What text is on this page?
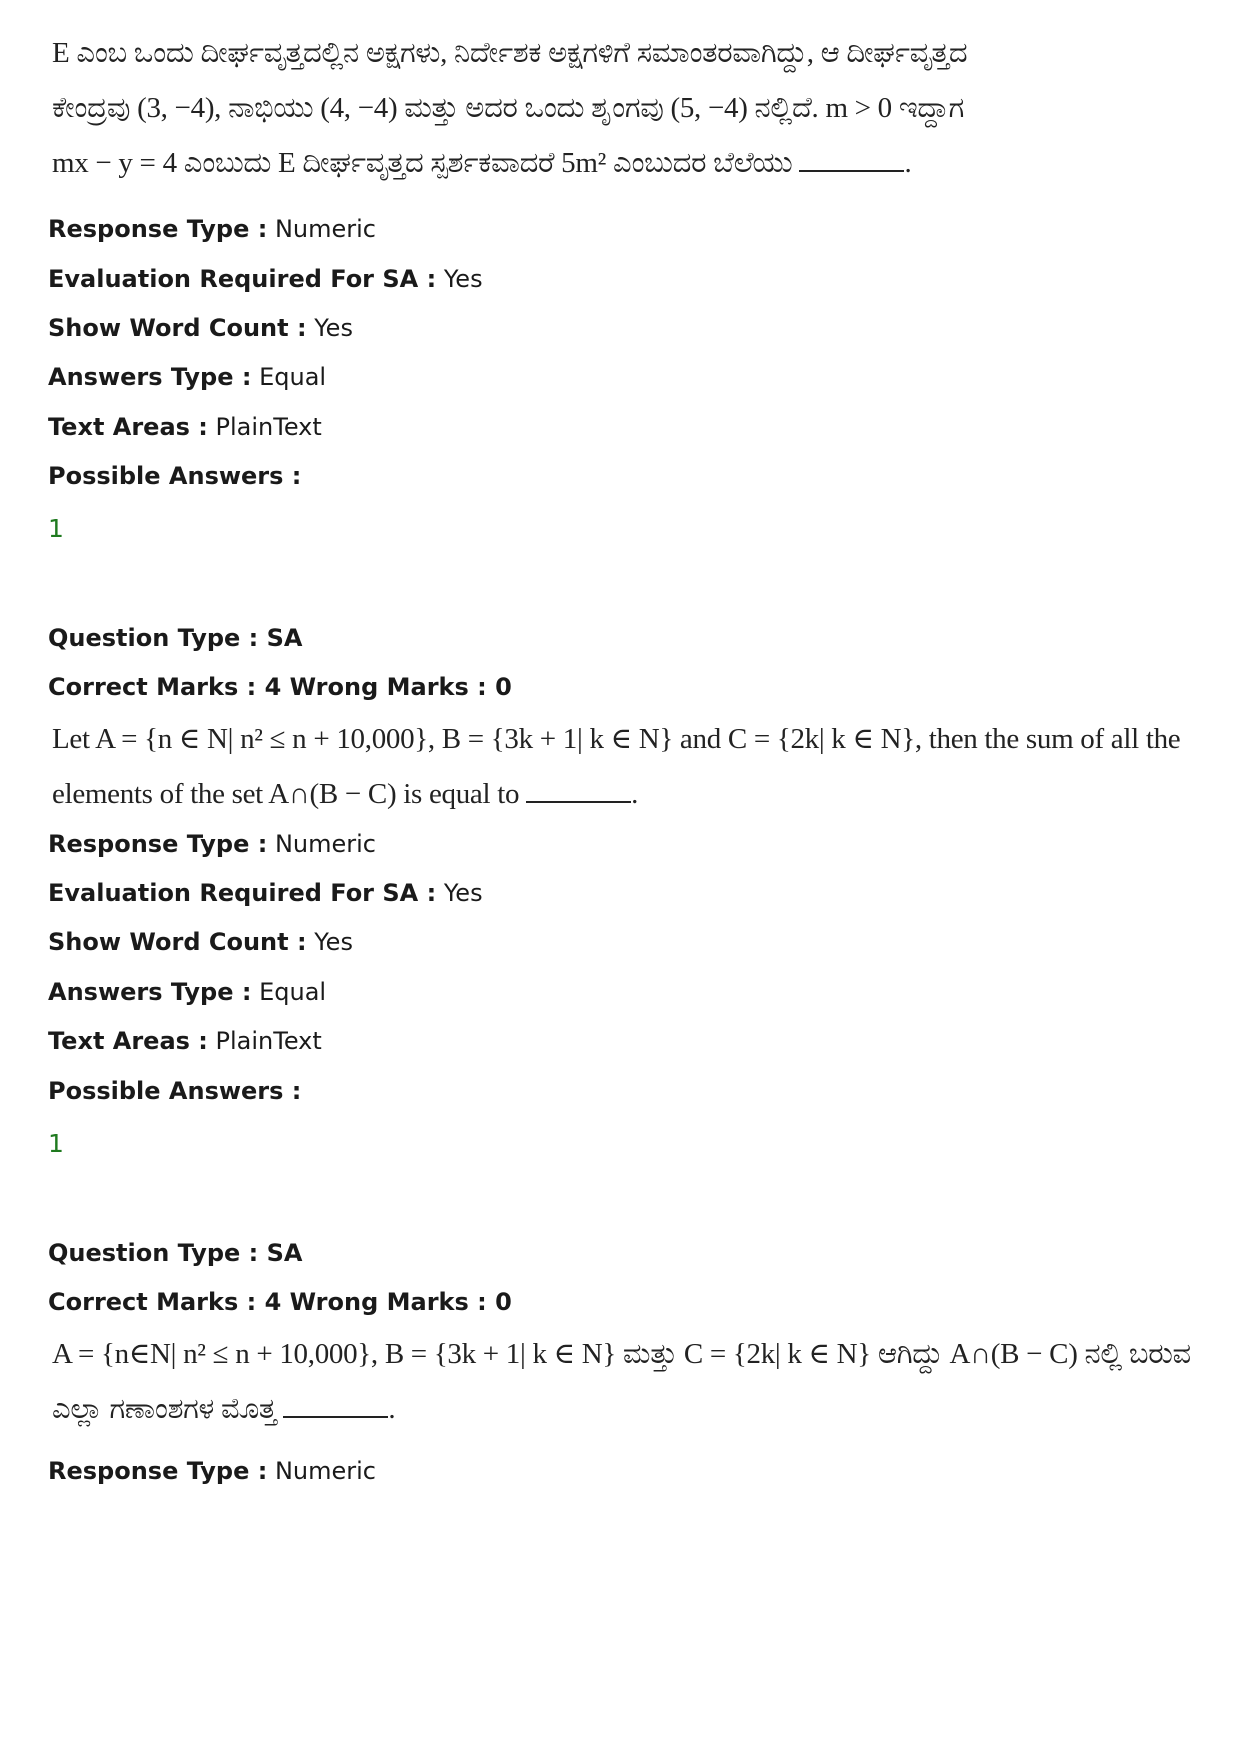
E ಎಂಬ ಒಂದು ದೀರ್ಘವೃತ್ತದಲ್ಲಿನ ಅಕ್ಷಗಳು, ನಿರ್ದೇಶಕ ಅಕ್ಷಗಳಿಗೆ ಸಮಾಂತರವಾಗಿದ್ದು, ಆ ದೀರ್ಘವೃತ್ತದ
ಕೇಂದ್ರವು (3, −4), ನಾಭಿಯು (4, −4) ಮತ್ತು ಅದರ ಒಂದು ಶೃಂಗವು (5, −4) ನಲ್ಲಿದೆ. m > 0 ಇದ್ದಾಗ
mx − y = 4 ಎಂಬುದು E ದೀರ್ಘವೃತ್ತದ ಸ್ಪರ್ಶಕವಾದರೆ 5m² ಎಂಬುದರ ಬೆಲೆಯು	.
Response Type : Numeric
Evaluation Required For SA : Yes
Show Word Count : Yes
Answers Type : Equal
Text Areas : PlainText
Possible Answers :
1
Question Type : SA
Correct Marks : 4 Wrong Marks : 0
Let A = {n ∈ N| n² ≤ n + 10,000}, B = {3k + 1| k ∈ N} and C = {2k| k ∈ N}, then the sum of all the
elements of the set A∩(B − C) is equal to	.
Response Type : Numeric
Evaluation Required For SA : Yes
Show Word Count : Yes
Answers Type : Equal
Text Areas : PlainText
Possible Answers :
1
Question Type : SA
Correct Marks : 4 Wrong Marks : 0
A = {n∈N| n² ≤ n + 10,000}, B = {3k + 1| k ∈ N} ಮತ್ತು C = {2k| k ∈ N} ಆಗಿದ್ದು A∩(B − C) ನಲ್ಲಿ ಬರುವ
ಎಲ್ಲಾ ಗಣಾಂಶಗಳ ಮೊತ್ತ	.
Response Type : Numeric
